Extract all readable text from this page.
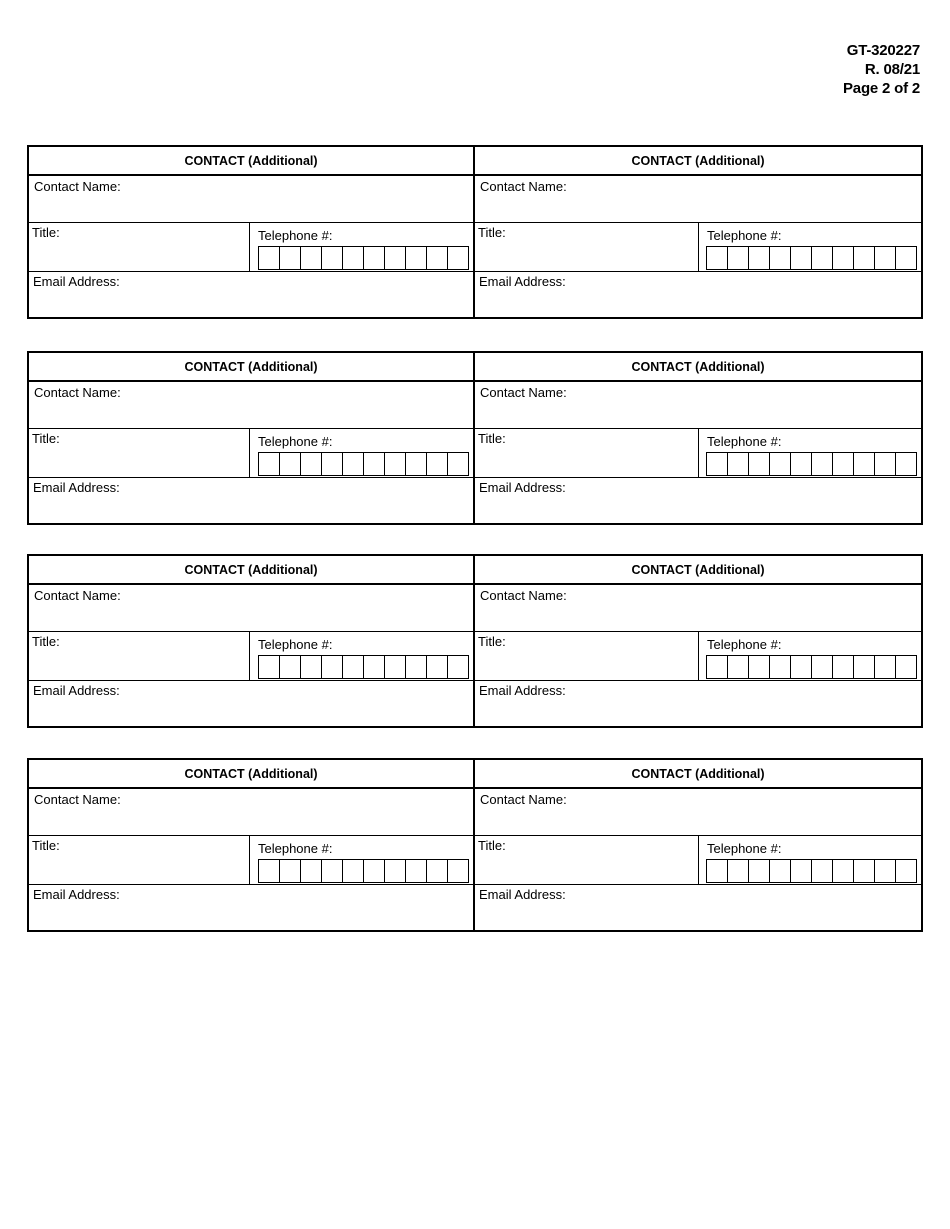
GT-320227
R. 08/21
Page 2 of 2
CONTACT (Additional)
Contact Name:
Title:	Telephone #:
Email Address:
CONTACT (Additional)
Contact Name:
Title:	Telephone #:
Email Address:
CONTACT (Additional)
Contact Name:
Title:	Telephone #:
Email Address:
CONTACT (Additional)
Contact Name:
Title:	Telephone #:
Email Address:
CONTACT (Additional)
Contact Name:
Title:	Telephone #:
Email Address:
CONTACT (Additional)
Contact Name:
Title:	Telephone #:
Email Address:
CONTACT (Additional)
Contact Name:
Title:	Telephone #:
Email Address:
CONTACT (Additional)
Contact Name:
Title:	Telephone #:
Email Address:
